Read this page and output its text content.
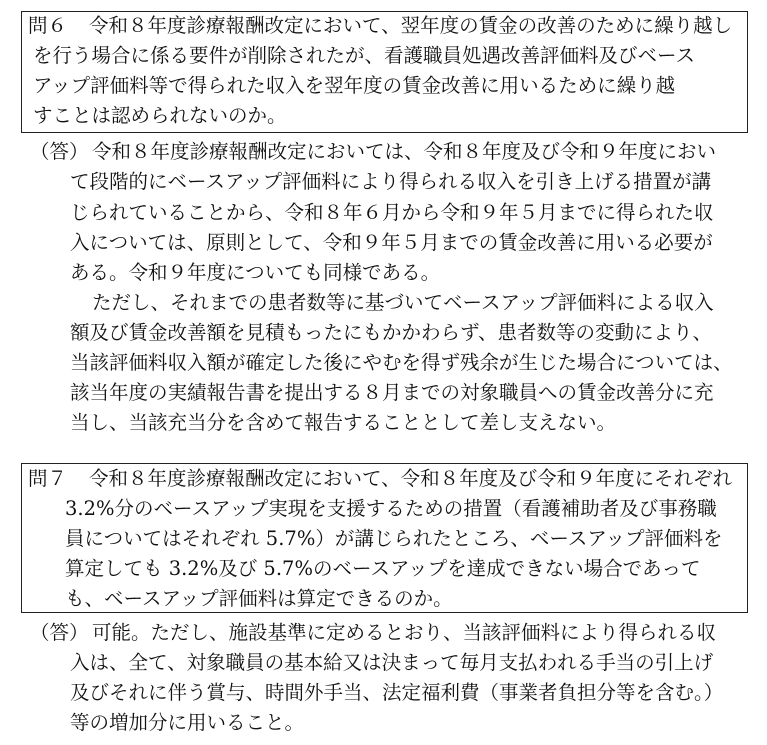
問６ 令和８年度診療報酬改定において、翌年度の賃金の改善のために繰り越し
を行う場合に係る要件が削除されたが、看護職員処遇改善評価料及びベース
アップ評価料等で得られた収入を翌年度の賃金改善に用いるために繰り越
すことは認められないのか。
（答） 令和８年度診療報酬改定においては、令和８年度及び令和９年度におい
て段階的にベースアップ評価料により得られる収入を引き上げる措置が講
じられていることから、令和８年６月から令和９年５月までに得られた収
入については、原則として、令和９年５月までの賃金改善に用いる必要が
ある。令和９年度についても同様である。
ただし、それまでの患者数等に基づいてベースアップ評価料による収入
額及び賃金改善額を見積もったにもかかわらず、患者数等の変動により、
当該評価料収入額が確定した後にやむを得ず残余が生じた場合については、
該当年度の実績報告書を提出する８月までの対象職員への賃金改善分に充
当し、当該充当分を含めて報告することとして差し支えない。
問７ 令和８年度診療報酬改定において、令和８年度及び令和９年度にそれぞれ
3.2%分のベースアップ実現を支援するための措置（看護補助者及び事務職
員についてはそれぞれ 5.7%）が講じられたところ、ベースアップ評価料を
算定しても 3.2%及び 5.7%のベースアップを達成できない場合であって
も、ベースアップ評価料は算定できるのか。
（答） 可能。ただし、施設基準に定めるとおり、当該評価料により得られる収
入は、全て、対象職員の基本給又は決まって毎月支払われる手当の引上げ
及びそれに伴う賞与、時間外手当、法定福利費（事業者負担分等を含む。）
等の増加分に用いること。
